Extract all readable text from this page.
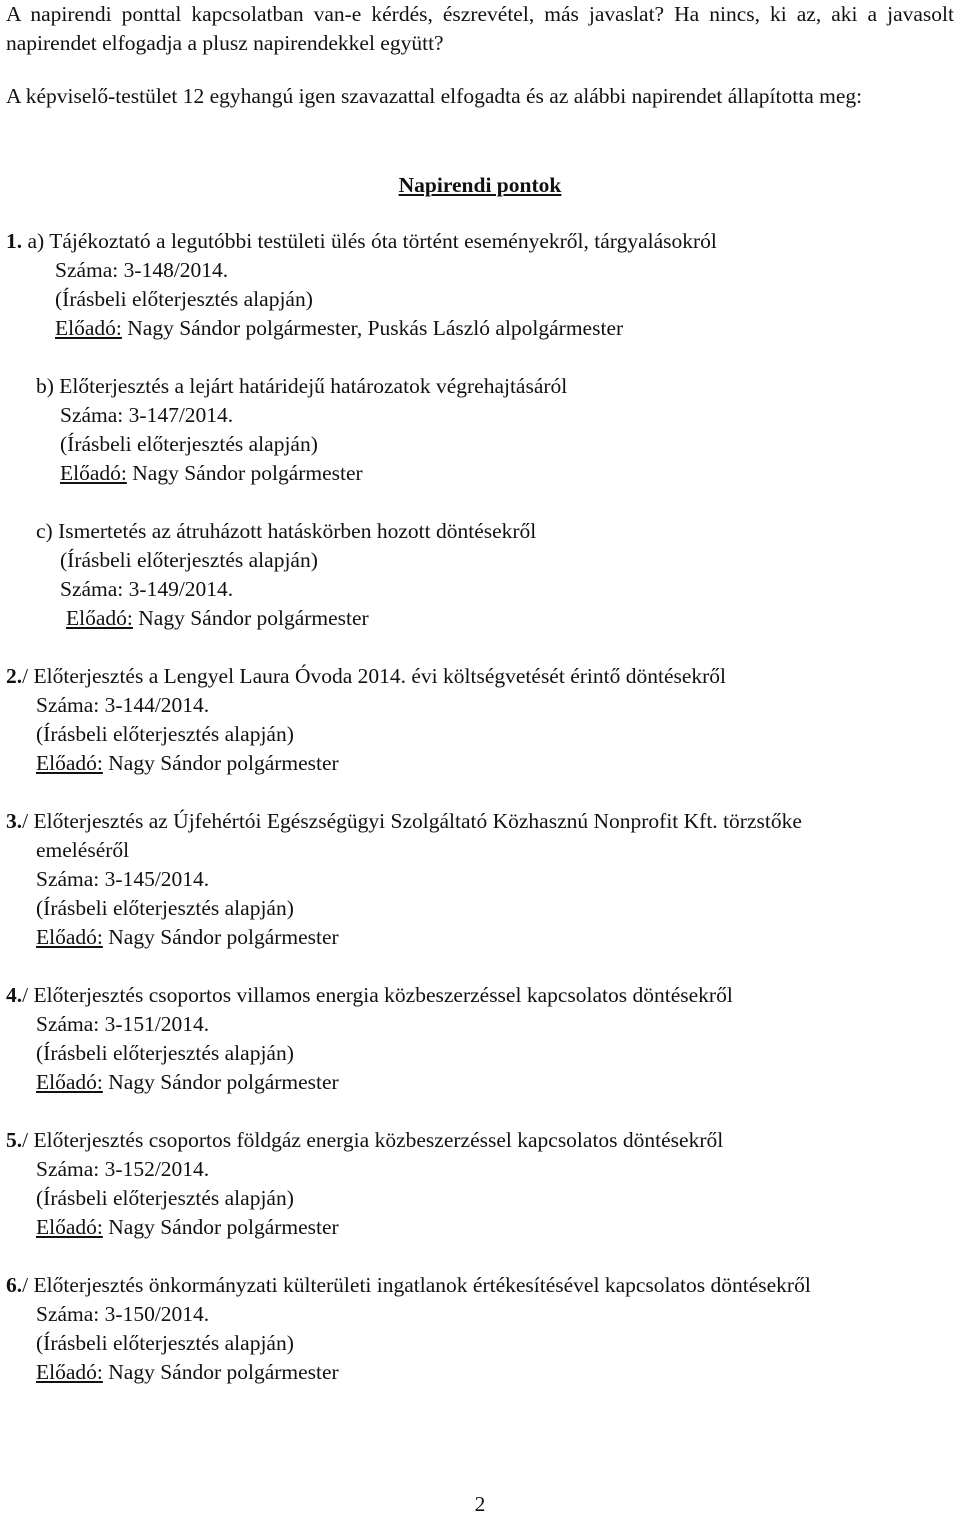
A napirendi ponttal kapcsolatban van-e kérdés, észrevétel, más javaslat? Ha nincs, ki az, aki a javasolt napirendet elfogadja a plusz napirendekkel együtt?

A képviselő-testület 12 egyhangú igen szavazattal elfogadta és az alábbi napirendet állapította meg:

Napirendi pontok
1. a) Tájékoztató a legutóbbi testületi ülés óta történt eseményekről, tárgyalásokról
Száma: 3-148/2014.
(Írásbeli előterjesztés alapján)
Előadó: Nagy Sándor polgármester, Puskás László alpolgármester
b) Előterjesztés a lejárt határidejű határozatok végrehajtásáról
Száma: 3-147/2014.
(Írásbeli előterjesztés alapján)
Előadó: Nagy Sándor polgármester
c) Ismertetés az átruházott hatáskörben hozott döntésekről
(Írásbeli előterjesztés alapján)
Száma: 3-149/2014.
Előadó: Nagy Sándor polgármester
2./ Előterjesztés a Lengyel Laura Óvoda 2014. évi költségvetését érintő döntésekről
Száma: 3-144/2014.
(Írásbeli előterjesztés alapján)
Előadó: Nagy Sándor polgármester
3./ Előterjesztés az Újfehértói Egészségügyi Szolgáltató Közhasznú Nonprofit Kft. törzstőke
emeléséről
Száma: 3-145/2014.
(Írásbeli előterjesztés alapján)
Előadó: Nagy Sándor polgármester
4./ Előterjesztés csoportos villamos energia közbeszerzéssel kapcsolatos döntésekről
Száma: 3-151/2014.
(Írásbeli előterjesztés alapján)
Előadó: Nagy Sándor polgármester
5./ Előterjesztés csoportos földgáz energia közbeszerzéssel kapcsolatos döntésekről
Száma: 3-152/2014.
(Írásbeli előterjesztés alapján)
Előadó: Nagy Sándor polgármester
6./ Előterjesztés önkormányzati külterületi ingatlanok értékesítésével kapcsolatos döntésekről
Száma: 3-150/2014.
(Írásbeli előterjesztés alapján)
Előadó: Nagy Sándor polgármester
2
